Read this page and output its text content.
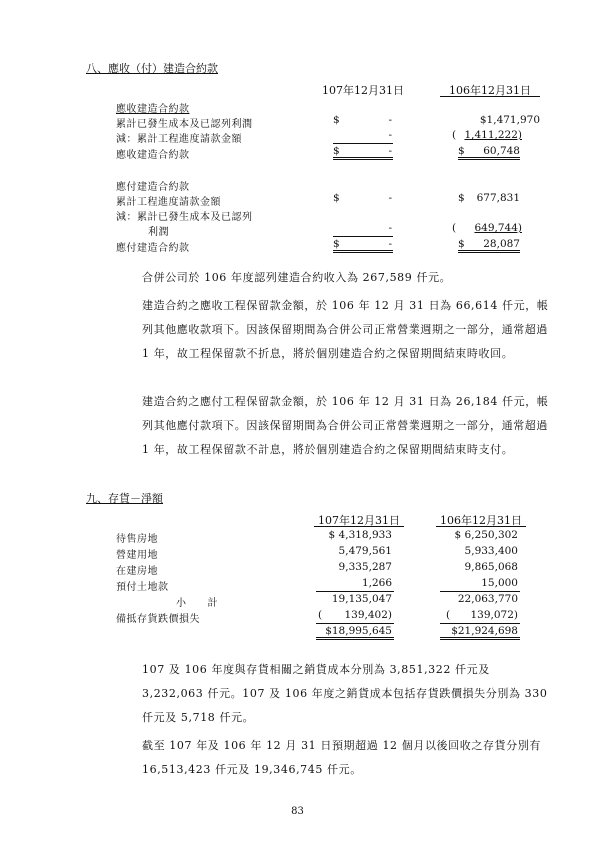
八、應收（付）建造合約款
107年12月31日	106年12月31日
應收建造合約款
累計已發生成本及已認列利潤	$	-	$1,471,970
減：累計工程進度請款金額	-	( 1,411,222)
應收建造合約款	$	-	$	60,748
應付建造合約款
累計工程進度請款金額	$	-	$	677,831
減：累計已發生成本及已認列
利潤	-	(	649,744)
應付建造合約款	$	-	$	28,087
合併公司於 106 年度認列建造合約收入為 267,589 仟元。
建造合約之應收工程保留款金額，於 106 年 12 月 31 日為 66,614 仟元，帳列其他應收款項下。因該保留期間為合併公司正常營業週期之一部分，通常超過 1 年，故工程保留款不折息，將於個別建造合約之保留期間結束時收回。
建造合約之應付工程保留款金額，於 106 年 12 月 31 日為 26,184 仟元，帳列其他應付款項下。因該保留期間為合併公司正常營業週期之一部分，通常超過 1 年，故工程保留款不計息，將於個別建造合約之保留期間結束時支付。
九、存貨－淨額
107年12月31日	106年12月31日
待售房地	$ 4,318,933	$ 6,250,302
營建用地	5,479,561	5,933,400
在建房地	9,335,287	9,865,068
預付土地款	1,266	15,000
小　　計	19,135,047	22,063,770
備抵存貨跌價損失	(	139,402)	(	139,072)
$18,995,645	$21,924,698
107 及 106 年度與存貨相關之銷貨成本分別為 3,851,322 仟元及 3,232,063 仟元。107 及 106 年度之銷貨成本包括存貨跌價損失分別為 330 仟元及 5,718 仟元。
截至 107 年及 106 年 12 月 31 日預期超過 12 個月以後回收之存貨分別有 16,513,423 仟元及 19,346,745 仟元。
83
